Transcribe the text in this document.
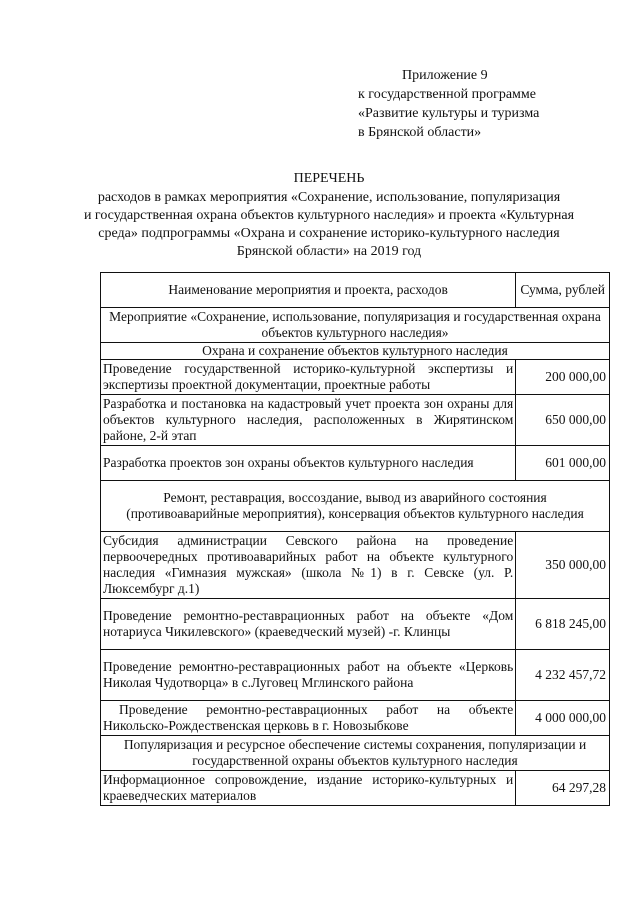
Приложение 9
к государственной программе
«Развитие культуры и туризма
в Брянской области»
ПЕРЕЧЕНЬ
расходов в рамках мероприятия «Сохранение, использование, популяризация
и государственная охрана объектов культурного наследия» и проекта «Культурная
среда» подпрограммы «Охрана и сохранение историко-культурного наследия
Брянской области» на 2019 год
Наименование мероприятия и проекта, расходов	Сумма, рублей
Мероприятие «Сохранение, использование, популяризация и государственная охрана объектов культурного наследия»	
Охрана и сохранение объектов культурного наследия	
Проведение государственной историко-культурной экспертизы и экспертизы проектной документации, проектные работы	200 000,00
Разработка и постановка на кадастровый учет проекта зон охраны для объектов культурного наследия, расположенных в Жирятинском районе, 2-й этап	650 000,00
Разработка проектов зон охраны объектов культурного наследия	601 000,00
Ремонт, реставрация, воссоздание, вывод из аварийного состояния (противоаварийные мероприятия), консервация объектов культурного наследия	
Субсидия администрации Севского района на проведение первоочередных противоаварийных работ на объекте культурного наследия «Гимназия мужская» (школа №1) в г. Севске (ул. Р. Люксембург д.1)	350 000,00
Проведение ремонтно-реставрационных работ на объекте «Дом нотариуса Чикилевского» (краеведческий музей) -г. Клинцы	6 818 245,00
Проведение ремонтно-реставрационных работ на объекте «Церковь Николая Чудотворца» в с.Луговец Мглинского района	4 232 457,72
Проведение ремонтно-реставрационных работ на объекте Никольско-Рождественская церковь в г. Новозыбкове	4 000 000,00
Популяризация и ресурсное обеспечение системы сохранения, популяризации и государственной охраны объектов культурного наследия	
Информационное сопровождение, издание историко-культурных и краеведческих материалов	64 297,28
